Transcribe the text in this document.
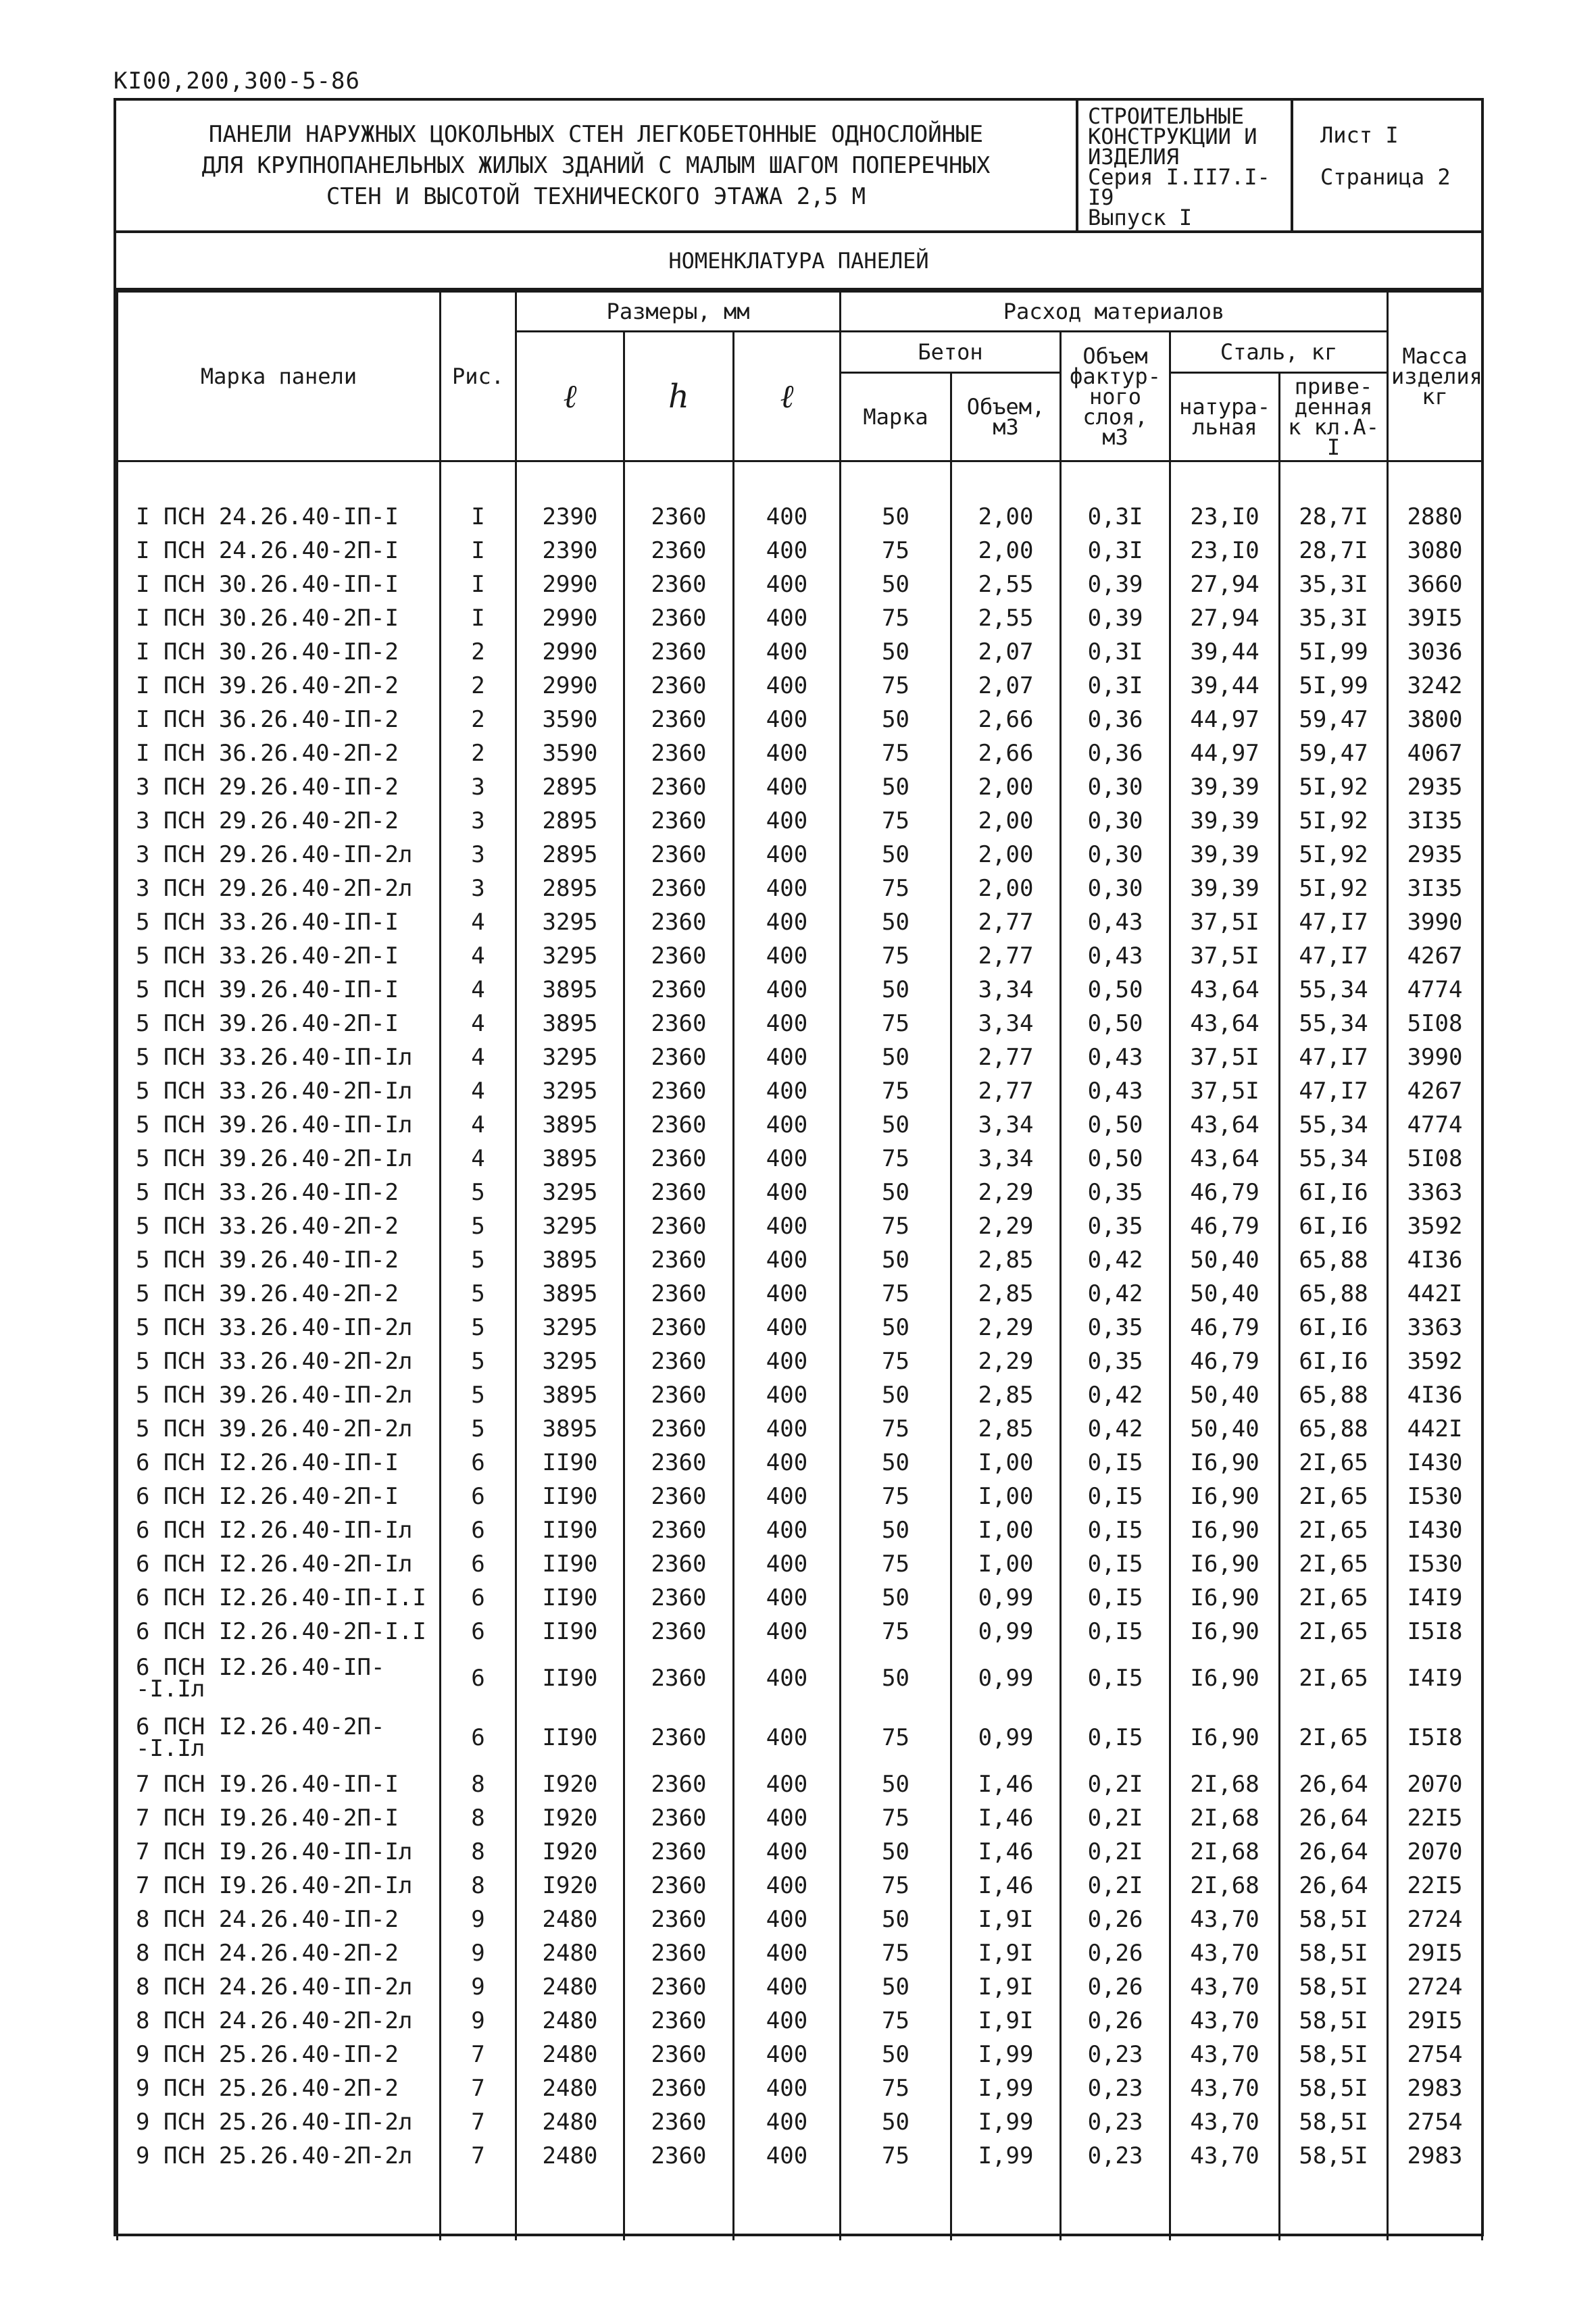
КI00,200,300-5-86
ПАНЕЛИ НАРУЖНЫХ ЦОКОЛЬНЫХ СТЕН ЛЕГКОБЕТОННЫЕ ОДНОСЛОЙНЫЕ
ДЛЯ КРУПНОПАНЕЛЬНЫХ ЖИЛЫХ ЗДАНИЙ С МАЛЫМ ШАГОМ ПОПЕРЕЧНЫХ
СТЕН И ВЫСОТОЙ ТЕХНИЧЕСКОГО ЭТАЖА 2,5 М
СТРОИТЕЛЬНЫЕ
КОНСТРУКЦИИ И
ИЗДЕЛИЯ
Серия I.II7.I-I9
Выпуск I
Лист I
Страница 2
НОМЕНКЛАТУРА ПАНЕЛЕЙ
Марка панели	Рис.	Размеры, мм			Расход материалов					Масса изделия кг
		ℓ	h	ℓ	Бетон		Объем фактур-ного слоя, м3	Сталь, кг		
					Марка	Объем, м3		натура-льная	приве-денная к кл.А-I	

I ПСН 24.26.40-IП-I	I	2390	2360	400	50	2,00	0,3I	23,I0	28,7I	2880
I ПСН 24.26.40-2П-I	I	2390	2360	400	75	2,00	0,3I	23,I0	28,7I	3080
I ПСН 30.26.40-IП-I	I	2990	2360	400	50	2,55	0,39	27,94	35,3I	3660
I ПСН 30.26.40-2П-I	I	2990	2360	400	75	2,55	0,39	27,94	35,3I	39I5
I ПСН 30.26.40-IП-2	2	2990	2360	400	50	2,07	0,3I	39,44	5I,99	3036
I ПСН 39.26.40-2П-2	2	2990	2360	400	75	2,07	0,3I	39,44	5I,99	3242
I ПСН 36.26.40-IП-2	2	3590	2360	400	50	2,66	0,36	44,97	59,47	3800
I ПСН 36.26.40-2П-2	2	3590	2360	400	75	2,66	0,36	44,97	59,47	4067
3 ПСН 29.26.40-IП-2	3	2895	2360	400	50	2,00	0,30	39,39	5I,92	2935
3 ПСН 29.26.40-2П-2	3	2895	2360	400	75	2,00	0,30	39,39	5I,92	3I35
3 ПСН 29.26.40-IП-2л	3	2895	2360	400	50	2,00	0,30	39,39	5I,92	2935
3 ПСН 29.26.40-2П-2л	3	2895	2360	400	75	2,00	0,30	39,39	5I,92	3I35
5 ПСН 33.26.40-IП-I	4	3295	2360	400	50	2,77	0,43	37,5I	47,I7	3990
5 ПСН 33.26.40-2П-I	4	3295	2360	400	75	2,77	0,43	37,5I	47,I7	4267
5 ПСН 39.26.40-IП-I	4	3895	2360	400	50	3,34	0,50	43,64	55,34	4774
5 ПСН 39.26.40-2П-I	4	3895	2360	400	75	3,34	0,50	43,64	55,34	5I08
5 ПСН 33.26.40-IП-Iл	4	3295	2360	400	50	2,77	0,43	37,5I	47,I7	3990
5 ПСН 33.26.40-2П-Iл	4	3295	2360	400	75	2,77	0,43	37,5I	47,I7	4267
5 ПСН 39.26.40-IП-Iл	4	3895	2360	400	50	3,34	0,50	43,64	55,34	4774
5 ПСН 39.26.40-2П-Iл	4	3895	2360	400	75	3,34	0,50	43,64	55,34	5I08
5 ПСН 33.26.40-IП-2	5	3295	2360	400	50	2,29	0,35	46,79	6I,I6	3363
5 ПСН 33.26.40-2П-2	5	3295	2360	400	75	2,29	0,35	46,79	6I,I6	3592
5 ПСН 39.26.40-IП-2	5	3895	2360	400	50	2,85	0,42	50,40	65,88	4I36
5 ПСН 39.26.40-2П-2	5	3895	2360	400	75	2,85	0,42	50,40	65,88	442I
5 ПСН 33.26.40-IП-2л	5	3295	2360	400	50	2,29	0,35	46,79	6I,I6	3363
5 ПСН 33.26.40-2П-2л	5	3295	2360	400	75	2,29	0,35	46,79	6I,I6	3592
5 ПСН 39.26.40-IП-2л	5	3895	2360	400	50	2,85	0,42	50,40	65,88	4I36
5 ПСН 39.26.40-2П-2л	5	3895	2360	400	75	2,85	0,42	50,40	65,88	442I
6 ПСН I2.26.40-IП-I	6	II90	2360	400	50	I,00	0,I5	I6,90	2I,65	I430
6 ПСН I2.26.40-2П-I	6	II90	2360	400	75	I,00	0,I5	I6,90	2I,65	I530
6 ПСН I2.26.40-IП-Iл	6	II90	2360	400	50	I,00	0,I5	I6,90	2I,65	I430
6 ПСН I2.26.40-2П-Iл	6	II90	2360	400	75	I,00	0,I5	I6,90	2I,65	I530
6 ПСН I2.26.40-IП-I.I	6	II90	2360	400	50	0,99	0,I5	I6,90	2I,65	I4I9
6 ПСН I2.26.40-2П-I.I	6	II90	2360	400	75	0,99	0,I5	I6,90	2I,65	I5I8
6 ПСН I2.26.40-IП-
-I.Iл	6	II90	2360	400	50	0,99	0,I5	I6,90	2I,65	I4I9
6 ПСН I2.26.40-2П-
-I.Iл	6	II90	2360	400	75	0,99	0,I5	I6,90	2I,65	I5I8
7 ПСН I9.26.40-IП-I	8	I920	2360	400	50	I,46	0,2I	2I,68	26,64	2070
7 ПСН I9.26.40-2П-I	8	I920	2360	400	75	I,46	0,2I	2I,68	26,64	22I5
7 ПСН I9.26.40-IП-Iл	8	I920	2360	400	50	I,46	0,2I	2I,68	26,64	2070
7 ПСН I9.26.40-2П-Iл	8	I920	2360	400	75	I,46	0,2I	2I,68	26,64	22I5
8 ПСН 24.26.40-IП-2	9	2480	2360	400	50	I,9I	0,26	43,70	58,5I	2724
8 ПСН 24.26.40-2П-2	9	2480	2360	400	75	I,9I	0,26	43,70	58,5I	29I5
8 ПСН 24.26.40-IП-2л	9	2480	2360	400	50	I,9I	0,26	43,70	58,5I	2724
8 ПСН 24.26.40-2П-2л	9	2480	2360	400	75	I,9I	0,26	43,70	58,5I	29I5
9 ПСН 25.26.40-IП-2	7	2480	2360	400	50	I,99	0,23	43,70	58,5I	2754
9 ПСН 25.26.40-2П-2	7	2480	2360	400	75	I,99	0,23	43,70	58,5I	2983
9 ПСН 25.26.40-IП-2л	7	2480	2360	400	50	I,99	0,23	43,70	58,5I	2754
9 ПСН 25.26.40-2П-2л	7	2480	2360	400	75	I,99	0,23	43,70	58,5I	2983
